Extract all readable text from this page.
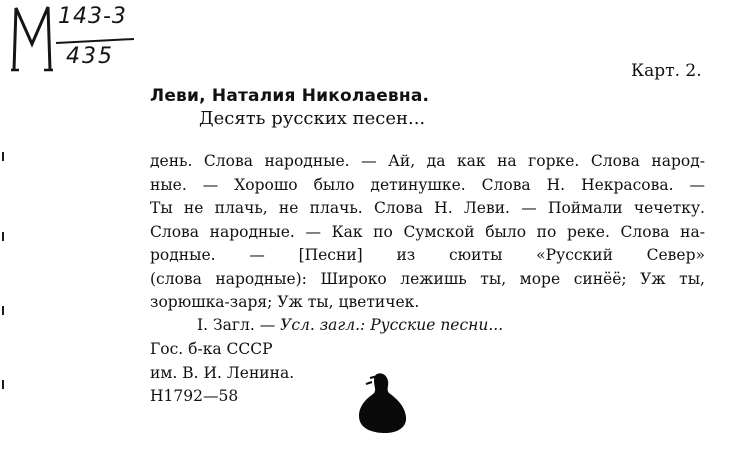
143-3
435
Карт. 2.
Леви, Наталия Николаевна.
Десять русских песен...
день. Слова народные. — Ай, да как на горке. Слова народ-
ные. — Хорошо было детинушке. Слова Н. Некрасова. —
Ты не плачь, не плачь. Слова Н. Леви. — Поймали чечетку.
Слова народные. — Как по Сумской было по реке. Слова на-
родные. — [Песни] из сюиты «Русский Север»
(слова народные): Широко лежишь ты, море синёё; Уж ты,
зорюшка-заря; Уж ты, цветичек.
I. Загл. — Усл. загл.: Русские песни...
Гос. б-ка СССР
им. В. И. Ленина.
Н1792—58
